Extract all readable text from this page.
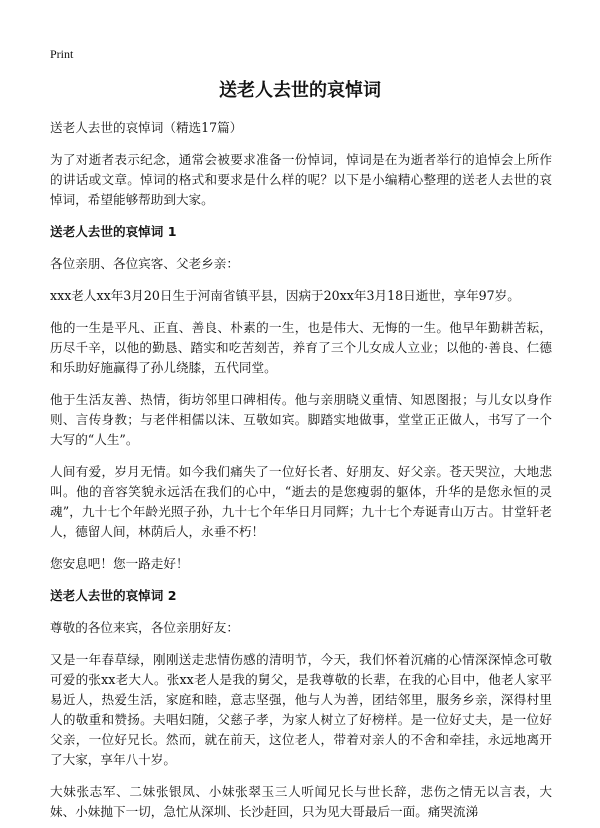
Print
送老人去世的哀悼词

送老人去世的哀悼词（精选17篇）

为了对逝者表示纪念，通常会被要求准备一份悼词，悼词是在为逝者举行的追悼会上所作的讲话或文章。悼词的格式和要求是什么样的呢？以下是小编精心整理的送老人去世的哀悼词，希望能够帮助到大家。

送老人去世的哀悼词 1

各位亲朋、各位宾客、父老乡亲：

xxx老人xx年3月20日生于河南省镇平县，因病于20xx年3月18日逝世，享年97岁。

他的一生是平凡、正直、善良、朴素的一生，也是伟大、无悔的一生。他早年勤耕苦耘，历尽千辛，以他的勤恳、踏实和吃苦刻苦，养育了三个儿女成人立业；以他的·善良、仁德和乐助好施赢得了孙儿绕膝，五代同堂。

他于生活友善、热情，街坊邻里口碑相传。他与亲朋晓义重情、知恩图报；与儿女以身作则、言传身教；与老伴相儒以沫、互敬如宾。脚踏实地做事，堂堂正正做人，书写了一个大写的“人生”。

人间有爱，岁月无情。如今我们痛失了一位好长者、好朋友、好父亲。苍天哭泣，大地悲叫。他的音容笑貌永远活在我们的心中，“逝去的是您瘦弱的躯体，升华的是您永恒的灵魂”，九十七个年龄光照子孙，九十七个年华日月同辉；九十七个寿诞青山万古。甘堂轩老人，德留人间，林荫后人，永垂不朽！

您安息吧！您一路走好！

送老人去世的哀悼词 2

尊敬的各位来宾，各位亲朋好友：

又是一年春草绿，刚刚送走悲情伤感的清明节，今天，我们怀着沉痛的心情深深悼念可敬可爱的张xx老大人。张xx老人是我的舅父，是我尊敬的长辈，在我的心目中，他老人家平易近人，热爱生活，家庭和睦，意志坚强，他与人为善，团结邻里，服务乡亲，深得村里人的敬重和赞扬。夫唱妇随，父慈子孝，为家人树立了好榜样。是一位好丈夫，是一位好父亲，一位好兄长。然而，就在前天，这位老人，带着对亲人的不舍和牵挂，永远地离开了大家，享年八十岁。

大妹张志军、二妹张银凤、小妹张翠玉三人听闻兄长与世长辞，悲伤之情无以言表，大妹、小妹抛下一切，急忙从深圳、长沙赶回，只为见大哥最后一面。痛哭流涕
